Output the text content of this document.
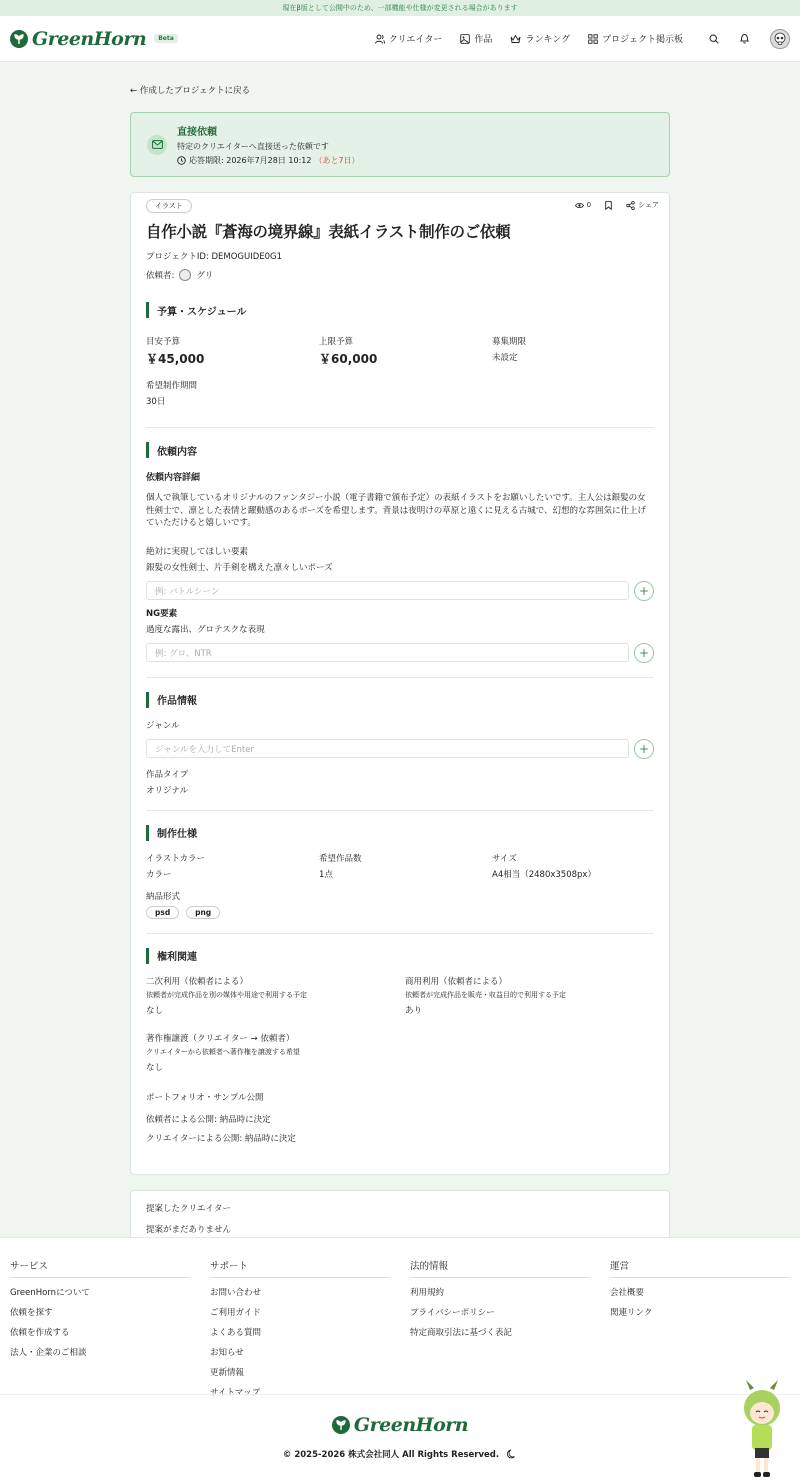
現在β版として公開中のため、一部機能や仕様が変更される場合があります
GreenHorn	Beta	クリエイター	作品	ランキング	プロジェクト掲示板
← 作成したプロジェクトに戻る
直接依頼
特定のクリエイターへ直接送った依頼です
応答期限: 2026年7月28日 10:12 （あと7日）
イラスト	0	シェア
自作小説『蒼海の境界線』表紙イラスト制作のご依頼
プロジェクトID: DEMOGUIDE0G1
依頼者:	グリ
予算・スケジュール
目安予算
￥45,000
上限予算
￥60,000
募集期限
未設定
希望制作期間
30日
依頼内容
依頼内容詳細
個人で執筆しているオリジナルのファンタジー小説（電子書籍で頒布予定）の表紙イラストをお願いしたいです。主人公は銀髪の女性剣士で、凛とした表情と躍動感のあるポーズを希望します。背景は夜明けの草原と遠くに見える古城で、幻想的な雰囲気に仕上げていただけると嬉しいです。
絶対に実現してほしい要素
銀髪の女性剣士、片手剣を構えた凛々しいポーズ
例: バトルシーン	+
NG要素
過度な露出、グロテスクな表現
例: グロ、NTR	+
作品情報
ジャンル
ジャンルを入力してEnter	+
作品タイプ
オリジナル
制作仕様
イラストカラー
カラー
希望作品数
1点
サイズ
A4相当（2480x3508px）
納品形式
psd	png
権利関連
二次利用（依頼者による）
依頼者が完成作品を別の媒体や用途で利用する予定
なし
商用利用（依頼者による）
依頼者が完成作品を販売・収益目的で利用する予定
あり
著作権譲渡（クリエイター → 依頼者）
クリエイターから依頼者へ著作権を譲渡する希望
なし
ポートフォリオ・サンプル公開
依頼者による公開: 納品時に決定
クリエイターによる公開: 納品時に決定
提案したクリエイター
提案がまだありません
サービス
GreenHornについて
依頼を探す
依頼を作成する
法人・企業のご相談
サポート
お問い合わせ
ご利用ガイド
よくある質問
お知らせ
更新情報
サイトマップ
法的情報
利用規約
プライバシーポリシー
特定商取引法に基づく表記
運営
会社概要
関連リンク
GreenHorn
© 2025-2026 株式会社同人 All Rights Reserved.
